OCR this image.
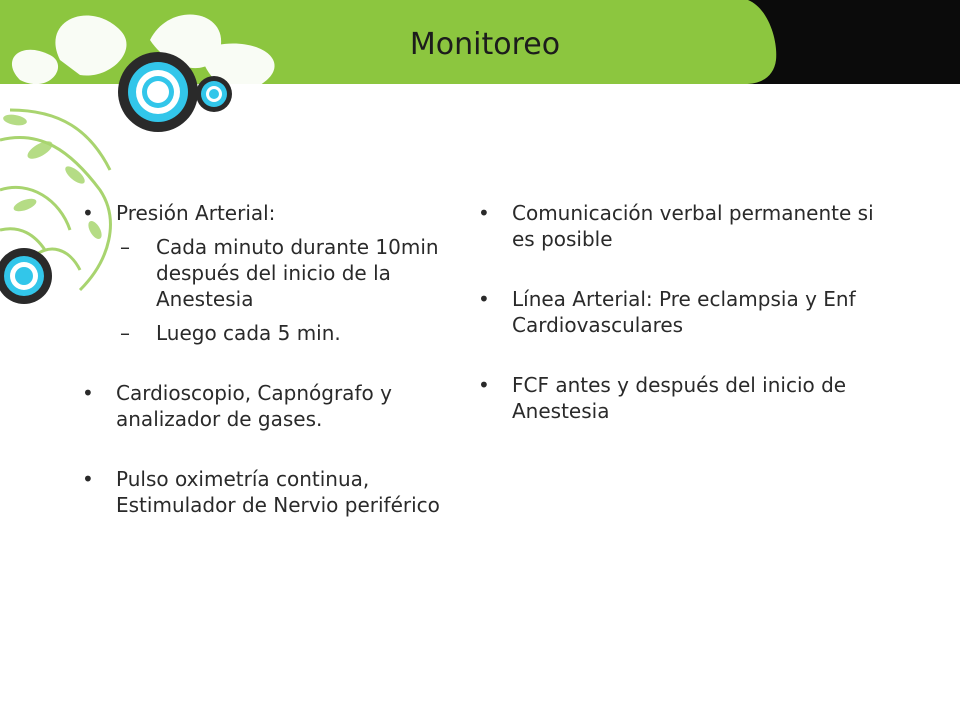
Monitoreo
•	Presión Arterial:
– Cada minuto durante 10min después del inicio de la Anestesia
– Luego cada 5 min.
•	Cardioscopio, Capnógrafo y analizador de gases.
•	Pulso oximetría continua, Estimulador de Nervio periférico
•	Comunicación verbal permanente si es posible
•	Línea Arterial: Pre eclampsia y Enf Cardiovasculares
•	FCF antes y después del inicio de Anestesia
